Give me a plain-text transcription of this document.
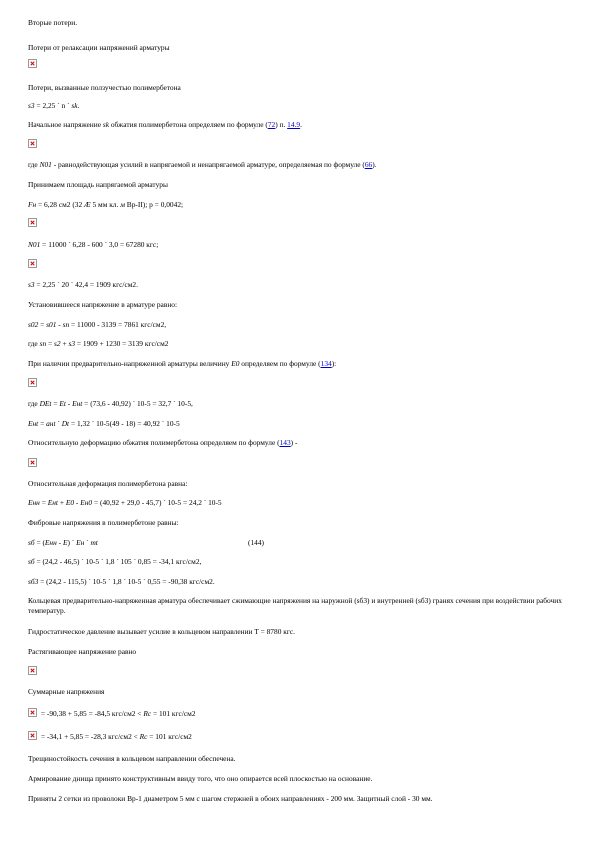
Вторые потери.
Потери от релаксации напряжений арматуры
Потери, вызванные ползучестью полимербетона
s3 = 2,25 ´ n ´ sk.
Начальное напряжение sk обжатия полимербетона определяем по формуле (72) п. 14.9.
где N01 - равнодействующая усилий в напрягаемой и ненапрягаемой арматуре, определяемая по формуле (66).
Принимаем площадь напрягаемой арматуры
Fн = 6,28 см2 (32 Æ 5 мм кл. м Вр-II); р = 0,0042;
N01 = 11000 ´ 6,28 - 600 ´ 3,0 = 67280 кгс;
s3 = 2,25 ´ 20 ´ 42,4 = 1909 кгс/см2.
Установившееся напряжение в арматуре равно:
s02 = s01 - sп = 11000 - 3139 = 7861 кгс/см2,
где sп = s2 + s3 = 1909 + 1230 = 3139 кгс/см2
При наличии предварительно-напряженной арматуры величину E0 определяем по формуле (134):
где DEt = Et - Eнt = (73,6 - 40,92) ´ 10-5 = 32,7 ´ 10-5,
Eнt = aнt ´ Dt = 1,32 ´ 10-5(49 - 18) = 40,92 ´ 10-5
Относительную деформацию обжатия полимербетона определяем по формуле (143) -
Относительная деформация полимербетона равна:
Eнн = Eнt + E0 - Eн0 = (40,92 + 29,0 - 45,7) ´ 10-5 = 24,2 ´ 10-5
Фибровые напряжения в полимербетоне равны:
sб = (Eнн - E) ´ Eн ´ mt	(144)
sб = (24,2 - 46,5) ´ 10-5 ´ 1,8 ´ 105 ´ 0,85 = -34,1 кгс/см2,
sб3 = (24,2 - 115,5) ´ 10-5 ´ 1,8 ´ 10-5 ´ 0,55 = -90,38 кгс/см2.
Кольцевая предварительно-напряженная арматура обеспечивает сжимающие напряжения на наружной (sб3) и внутренней (sб3) гранях сечения при воздействии рабочих температур.
Гидростатическое давление вызывает усилие в кольцевом направлении T = 8780 кгс.
Растягивающее напряжение равно
Суммарные напряжения
= -90,38 + 5,85 = -84,5 кгс/см2 < Rс = 101 кгс/см2
= -34,1 + 5,85 = -28,3 кгс/см2 < Rс = 101 кгс/см2
Трещиностойкость сечения в кольцевом направлении обеспечена.
Армирование днища принято конструктивным ввиду того, что оно опирается всей плоскостью на основание.
Приняты 2 сетки из проволоки Вр-1 диаметром 5 мм с шагом стержней в обоих направлениях - 200 мм. Защитный слой - 30 мм.
